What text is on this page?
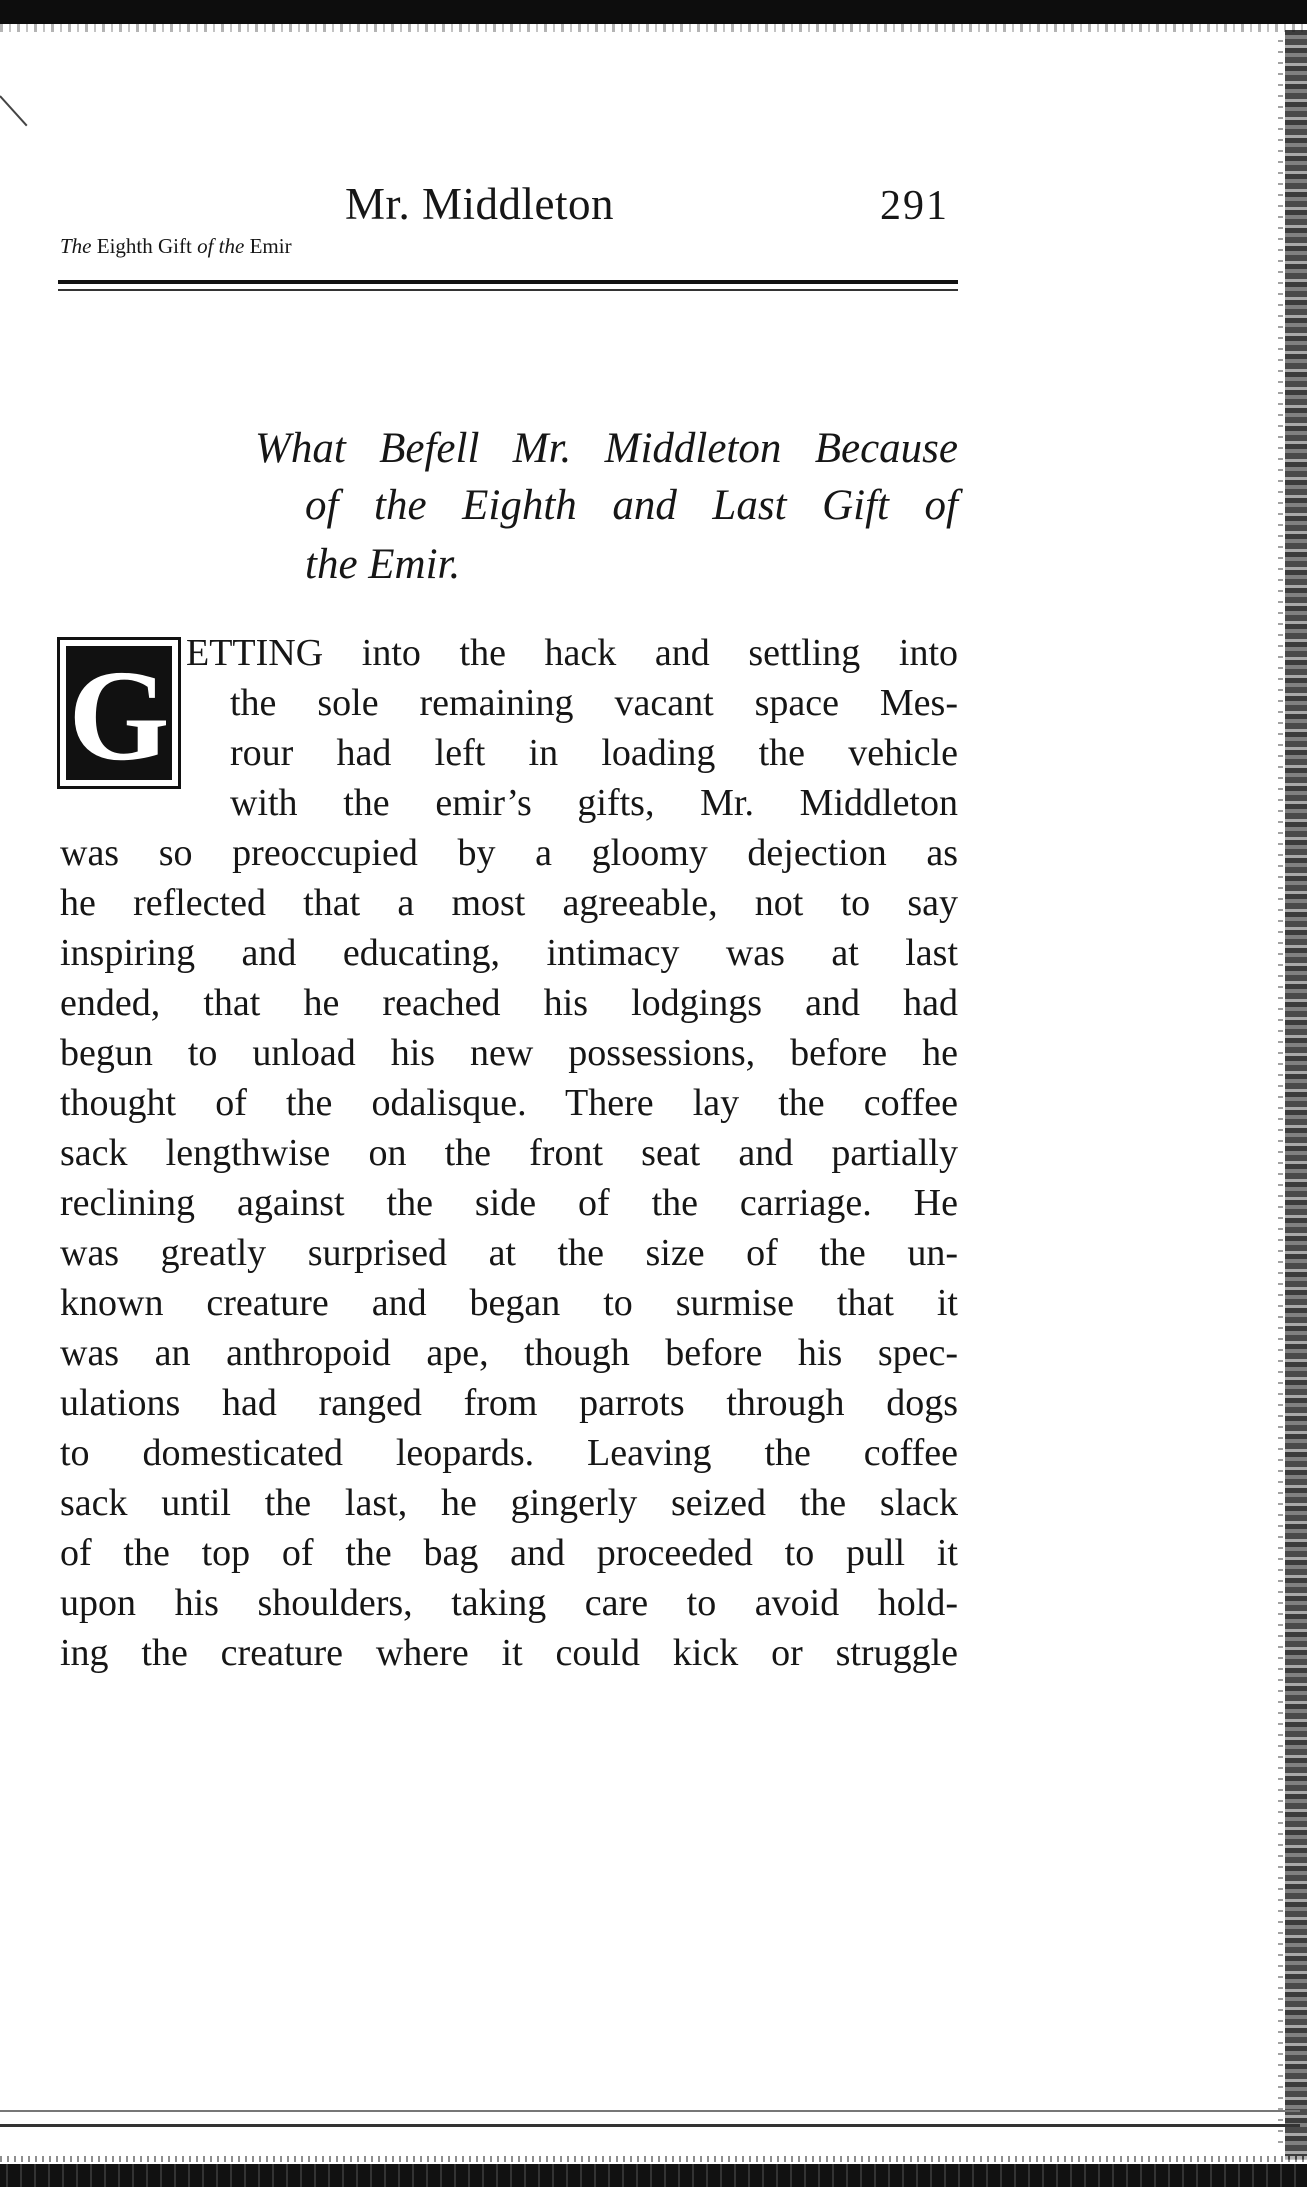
Mr. Middleton	291
The Eighth Gift of the Emir
What Befell Mr. Middleton Because
of the Eighth and Last Gift of
the Emir.
G ETTING into the hack and settling into
the sole remaining vacant space Mes-
rour had left in loading the vehicle
with the emir’s gifts, Mr. Middleton
was so preoccupied by a gloomy dejection as
he reflected that a most agreeable, not to say
inspiring and educating, intimacy was at last
ended, that he reached his lodgings and had
begun to unload his new possessions, before he
thought of the odalisque. There lay the coffee
sack lengthwise on the front seat and partially
reclining against the side of the carriage. He
was greatly surprised at the size of the un-
known creature and began to surmise that it
was an anthropoid ape, though before his spec-
ulations had ranged from parrots through dogs
to domesticated leopards. Leaving the coffee
sack until the last, he gingerly seized the slack
of the top of the bag and proceeded to pull it
upon his shoulders, taking care to avoid hold-
ing the creature where it could kick or struggle
